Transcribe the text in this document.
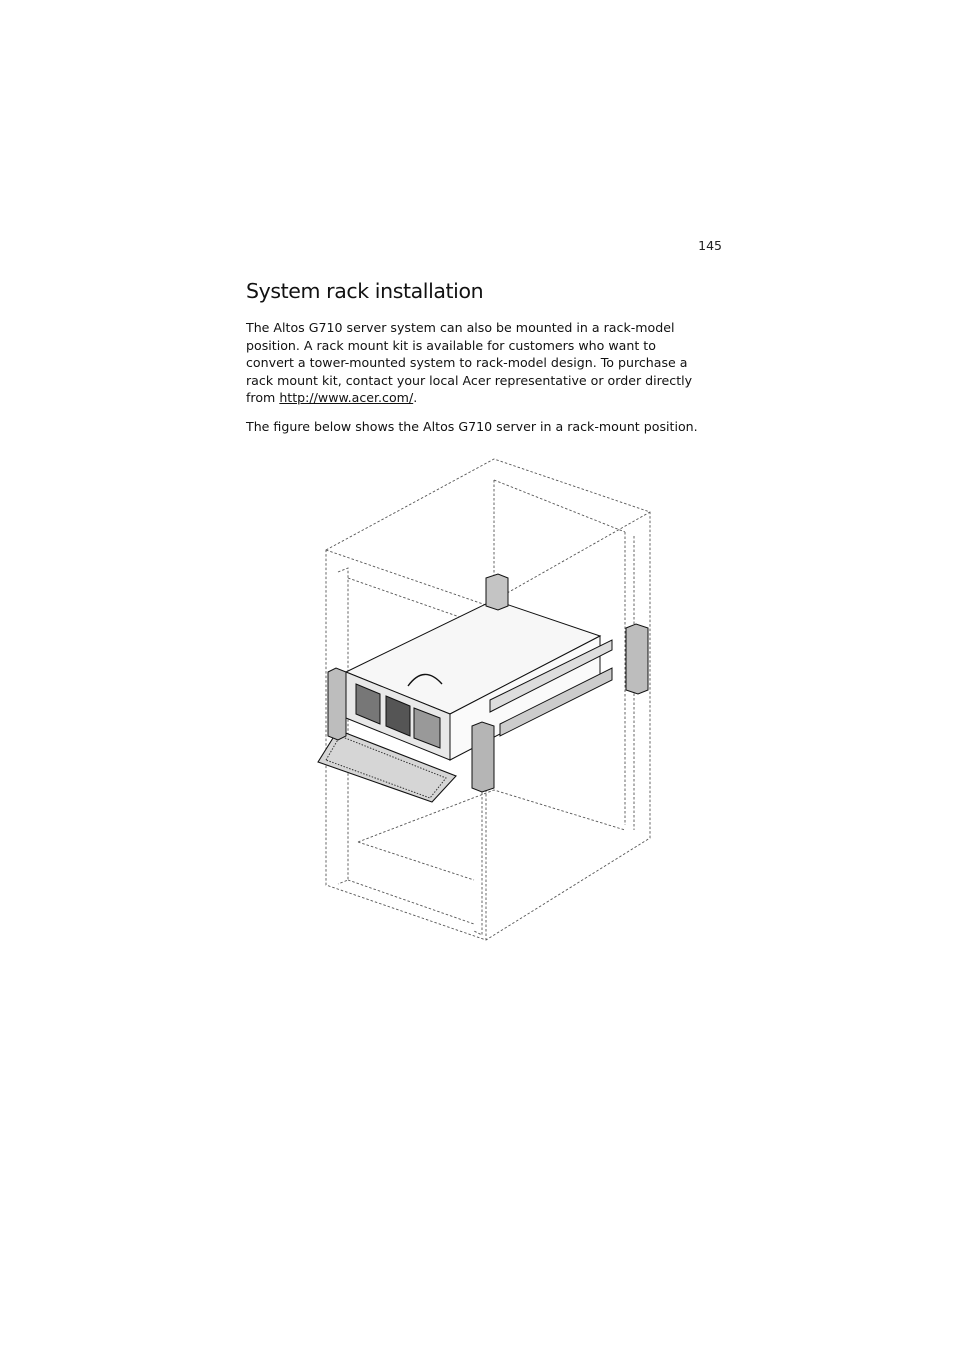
145
System rack installation

The Altos G710 server system can also be mounted in a rack-model
position. A rack mount kit is available for customers who want to
convert a tower-mounted system to rack-model design. To purchase a
rack mount kit, contact your local Acer representative or order directly
from http://www.acer.com/.

The figure below shows the Altos G710 server in a rack-mount position.
